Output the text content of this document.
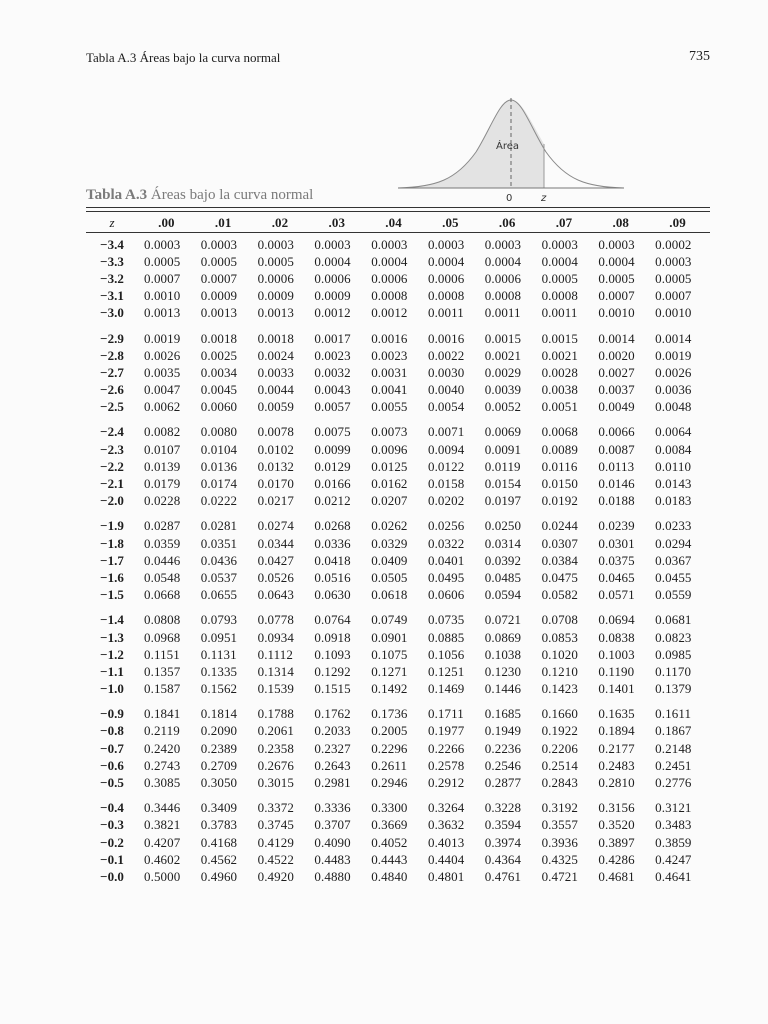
Tabla A.3 Áreas bajo la curva normal	735
Área
0	z
Tabla A.3 Áreas bajo la curva normal
z	.00	.01	.02	.03	.04	.05	.06	.07	.08	.09
−3.4	0.0003	0.0003	0.0003	0.0003	0.0003	0.0003	0.0003	0.0003	0.0003	0.0002
−3.3	0.0005	0.0005	0.0005	0.0004	0.0004	0.0004	0.0004	0.0004	0.0004	0.0003
−3.2	0.0007	0.0007	0.0006	0.0006	0.0006	0.0006	0.0006	0.0005	0.0005	0.0005
−3.1	0.0010	0.0009	0.0009	0.0009	0.0008	0.0008	0.0008	0.0008	0.0007	0.0007
−3.0	0.0013	0.0013	0.0013	0.0012	0.0012	0.0011	0.0011	0.0011	0.0010	0.0010
−2.9	0.0019	0.0018	0.0018	0.0017	0.0016	0.0016	0.0015	0.0015	0.0014	0.0014
−2.8	0.0026	0.0025	0.0024	0.0023	0.0023	0.0022	0.0021	0.0021	0.0020	0.0019
−2.7	0.0035	0.0034	0.0033	0.0032	0.0031	0.0030	0.0029	0.0028	0.0027	0.0026
−2.6	0.0047	0.0045	0.0044	0.0043	0.0041	0.0040	0.0039	0.0038	0.0037	0.0036
−2.5	0.0062	0.0060	0.0059	0.0057	0.0055	0.0054	0.0052	0.0051	0.0049	0.0048
−2.4	0.0082	0.0080	0.0078	0.0075	0.0073	0.0071	0.0069	0.0068	0.0066	0.0064
−2.3	0.0107	0.0104	0.0102	0.0099	0.0096	0.0094	0.0091	0.0089	0.0087	0.0084
−2.2	0.0139	0.0136	0.0132	0.0129	0.0125	0.0122	0.0119	0.0116	0.0113	0.0110
−2.1	0.0179	0.0174	0.0170	0.0166	0.0162	0.0158	0.0154	0.0150	0.0146	0.0143
−2.0	0.0228	0.0222	0.0217	0.0212	0.0207	0.0202	0.0197	0.0192	0.0188	0.0183
−1.9	0.0287	0.0281	0.0274	0.0268	0.0262	0.0256	0.0250	0.0244	0.0239	0.0233
−1.8	0.0359	0.0351	0.0344	0.0336	0.0329	0.0322	0.0314	0.0307	0.0301	0.0294
−1.7	0.0446	0.0436	0.0427	0.0418	0.0409	0.0401	0.0392	0.0384	0.0375	0.0367
−1.6	0.0548	0.0537	0.0526	0.0516	0.0505	0.0495	0.0485	0.0475	0.0465	0.0455
−1.5	0.0668	0.0655	0.0643	0.0630	0.0618	0.0606	0.0594	0.0582	0.0571	0.0559
−1.4	0.0808	0.0793	0.0778	0.0764	0.0749	0.0735	0.0721	0.0708	0.0694	0.0681
−1.3	0.0968	0.0951	0.0934	0.0918	0.0901	0.0885	0.0869	0.0853	0.0838	0.0823
−1.2	0.1151	0.1131	0.1112	0.1093	0.1075	0.1056	0.1038	0.1020	0.1003	0.0985
−1.1	0.1357	0.1335	0.1314	0.1292	0.1271	0.1251	0.1230	0.1210	0.1190	0.1170
−1.0	0.1587	0.1562	0.1539	0.1515	0.1492	0.1469	0.1446	0.1423	0.1401	0.1379
−0.9	0.1841	0.1814	0.1788	0.1762	0.1736	0.1711	0.1685	0.1660	0.1635	0.1611
−0.8	0.2119	0.2090	0.2061	0.2033	0.2005	0.1977	0.1949	0.1922	0.1894	0.1867
−0.7	0.2420	0.2389	0.2358	0.2327	0.2296	0.2266	0.2236	0.2206	0.2177	0.2148
−0.6	0.2743	0.2709	0.2676	0.2643	0.2611	0.2578	0.2546	0.2514	0.2483	0.2451
−0.5	0.3085	0.3050	0.3015	0.2981	0.2946	0.2912	0.2877	0.2843	0.2810	0.2776
−0.4	0.3446	0.3409	0.3372	0.3336	0.3300	0.3264	0.3228	0.3192	0.3156	0.3121
−0.3	0.3821	0.3783	0.3745	0.3707	0.3669	0.3632	0.3594	0.3557	0.3520	0.3483
−0.2	0.4207	0.4168	0.4129	0.4090	0.4052	0.4013	0.3974	0.3936	0.3897	0.3859
−0.1	0.4602	0.4562	0.4522	0.4483	0.4443	0.4404	0.4364	0.4325	0.4286	0.4247
−0.0	0.5000	0.4960	0.4920	0.4880	0.4840	0.4801	0.4761	0.4721	0.4681	0.4641
